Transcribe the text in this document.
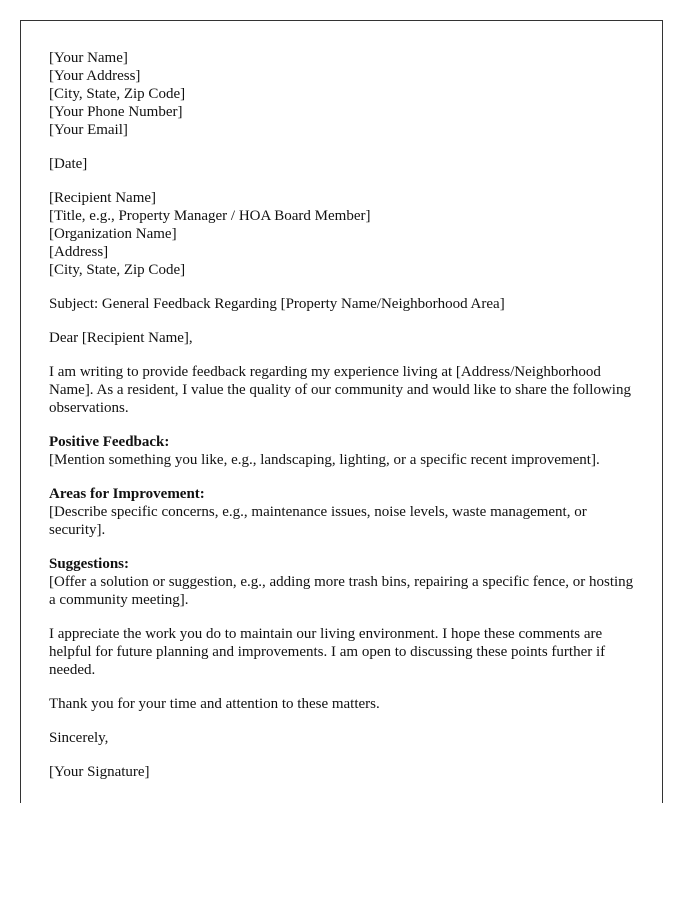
[Your Name]
[Your Address]
[City, State, Zip Code]
[Your Phone Number]
[Your Email]

[Date]

[Recipient Name]
[Title, e.g., Property Manager / HOA Board Member]
[Organization Name]
[Address]
[City, State, Zip Code]

Subject: General Feedback Regarding [Property Name/Neighborhood Area]

Dear [Recipient Name],

I am writing to provide feedback regarding my experience living at [Address/Neighborhood Name]. As a resident, I value the quality of our community and would like to share the following observations.

Positive Feedback:
[Mention something you like, e.g., landscaping, lighting, or a specific recent improvement].

Areas for Improvement:
[Describe specific concerns, e.g., maintenance issues, noise levels, waste management, or security].

Suggestions:
[Offer a solution or suggestion, e.g., adding more trash bins, repairing a specific fence, or hosting a community meeting].

I appreciate the work you do to maintain our living environment. I hope these comments are helpful for future planning and improvements. I am open to discussing these points further if needed.

Thank you for your time and attention to these matters.

Sincerely,

[Your Signature]
